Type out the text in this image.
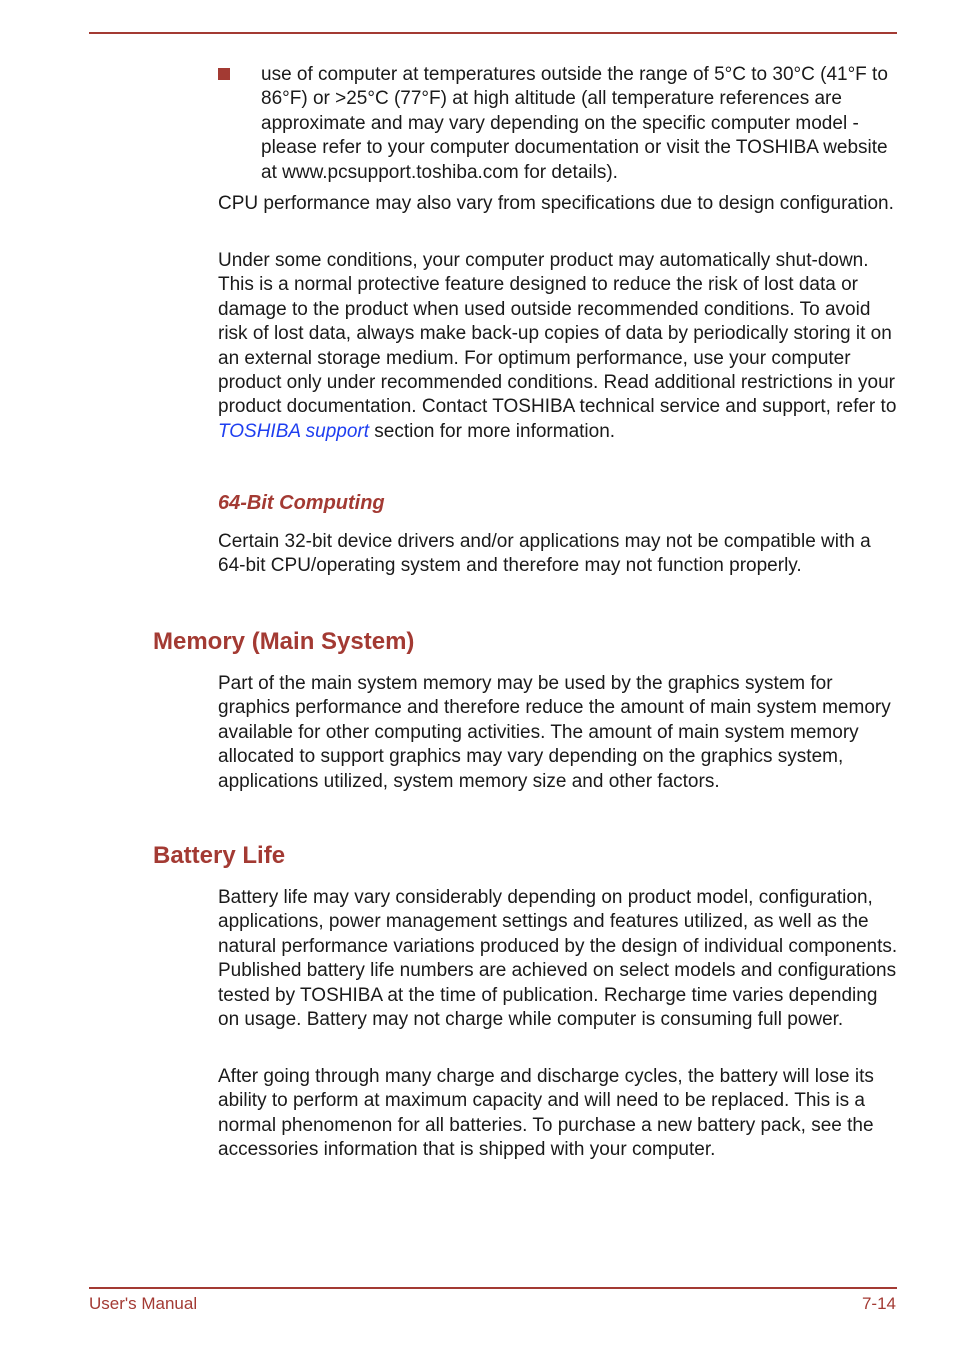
use of computer at temperatures outside the range of 5°C to 30°C (41°F to 86°F) or >25°C (77°F) at high altitude (all temperature references are approximate and may vary depending on the specific computer model - please refer to your computer documentation or visit the TOSHIBA website at www.pcsupport.toshiba.com for details).

CPU performance may also vary from specifications due to design configuration.

Under some conditions, your computer product may automatically shut-down. This is a normal protective feature designed to reduce the risk of lost data or damage to the product when used outside recommended conditions. To avoid risk of lost data, always make back-up copies of data by periodically storing it on an external storage medium. For optimum performance, use your computer product only under recommended conditions. Read additional restrictions in your product documentation. Contact TOSHIBA technical service and support, refer to TOSHIBA support section for more information.

64-Bit Computing

Certain 32-bit device drivers and/or applications may not be compatible with a 64-bit CPU/operating system and therefore may not function properly.

Memory (Main System)

Part of the main system memory may be used by the graphics system for graphics performance and therefore reduce the amount of main system memory available for other computing activities. The amount of main system memory allocated to support graphics may vary depending on the graphics system, applications utilized, system memory size and other factors.

Battery Life

Battery life may vary considerably depending on product model, configuration, applications, power management settings and features utilized, as well as the natural performance variations produced by the design of individual components. Published battery life numbers are achieved on select models and configurations tested by TOSHIBA at the time of publication. Recharge time varies depending on usage. Battery may not charge while computer is consuming full power.

After going through many charge and discharge cycles, the battery will lose its ability to perform at maximum capacity and will need to be replaced. This is a normal phenomenon for all batteries. To purchase a new battery pack, see the accessories information that is shipped with your computer.

User's Manual	7-14
